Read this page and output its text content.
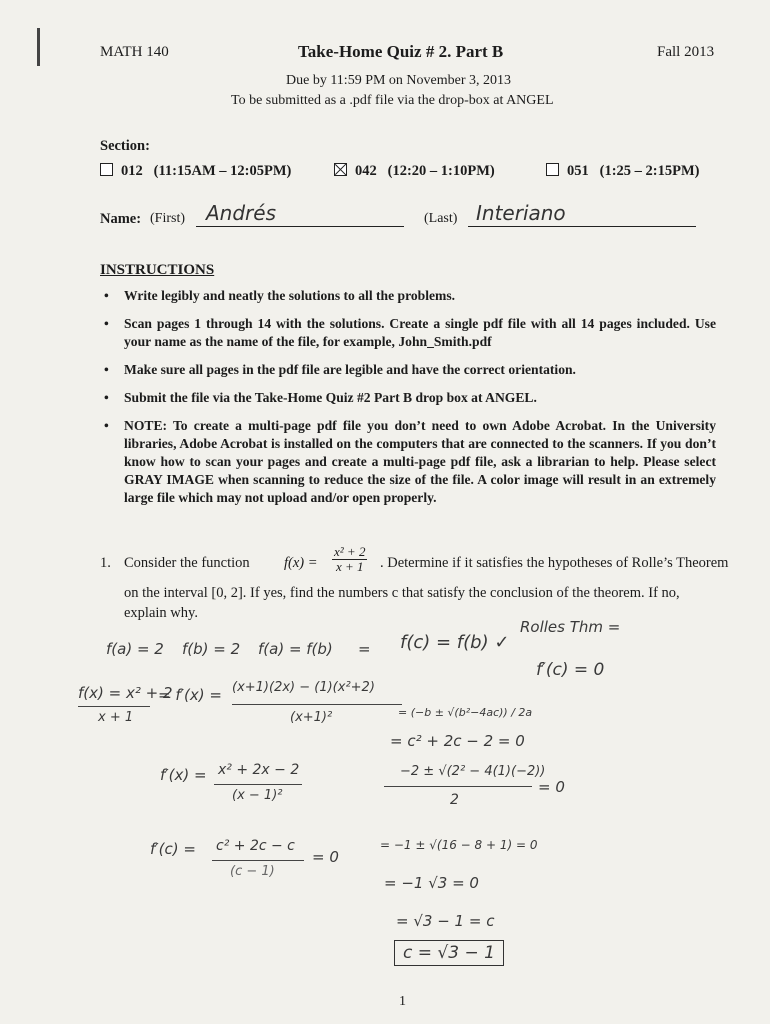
MATH 140	Take-Home Quiz # 2. Part B	Fall 2013
Due by 11:59 PM on November 3, 2013
To be submitted as a .pdf file via the drop-box at ANGEL
Section:
012 (11:15AM – 12:05PM)	042 (12:20 – 1:10PM)	051 (1:25 – 2:15PM)
Name: (First) Andrés	(Last) Interiano
INSTRUCTIONS
• Write legibly and neatly the solutions to all the problems.
• Scan pages 1 through 14 with the solutions. Create a single pdf file with all 14 pages included. Use your name as the name of the file, for example, John_Smith.pdf
• Make sure all pages in the pdf file are legible and have the correct orientation.
• Submit the file via the Take-Home Quiz #2 Part B drop box at ANGEL.
• NOTE: To create a multi-page pdf file you don’t need to own Adobe Acrobat. In the University libraries, Adobe Acrobat is installed on the computers that are connected to the scanners. If you don’t know how to scan your pages and create a multi-page pdf file, ask a librarian to help. Please select GRAY IMAGE when scanning to reduce the size of the file. A color image will result in an extremely large file which may not upload and/or open properly.
1. Consider the function $f(x) = \frac{\text{x² + 2}}{x + 1}$ . Determine if it satisfies the hypotheses of Rolle’s Theorem
on the interval [0, 2]. If yes, find the numbers c that satisfy the conclusion of the theorem. If no, explain why.
f(a) = 2 f(b) = 2 f(a) = f(b) = f(c) = f(b) ✓
Rolles Thm =
f′(c) = 0
f(x) = x² + 2
x + 1
= f′(x) = (x+1)(2x) − (1)(x²+2)
(x+1)²	= (−b ± √(b²−4ac)) / 2a
= c² + 2c − 2 = 0
f′(x) = x² + 2x − 2
(x − 1)²
−2 ± √(2² − 4(1)(−2))
2
= 0
f′(c) = c² + 2c − c
(c − 1)
= 0
= −1 ± √(16 − 8 + 1) = 0
= −1 √3 = 0
= √3 − 1 = c
c = √3 − 1
1
